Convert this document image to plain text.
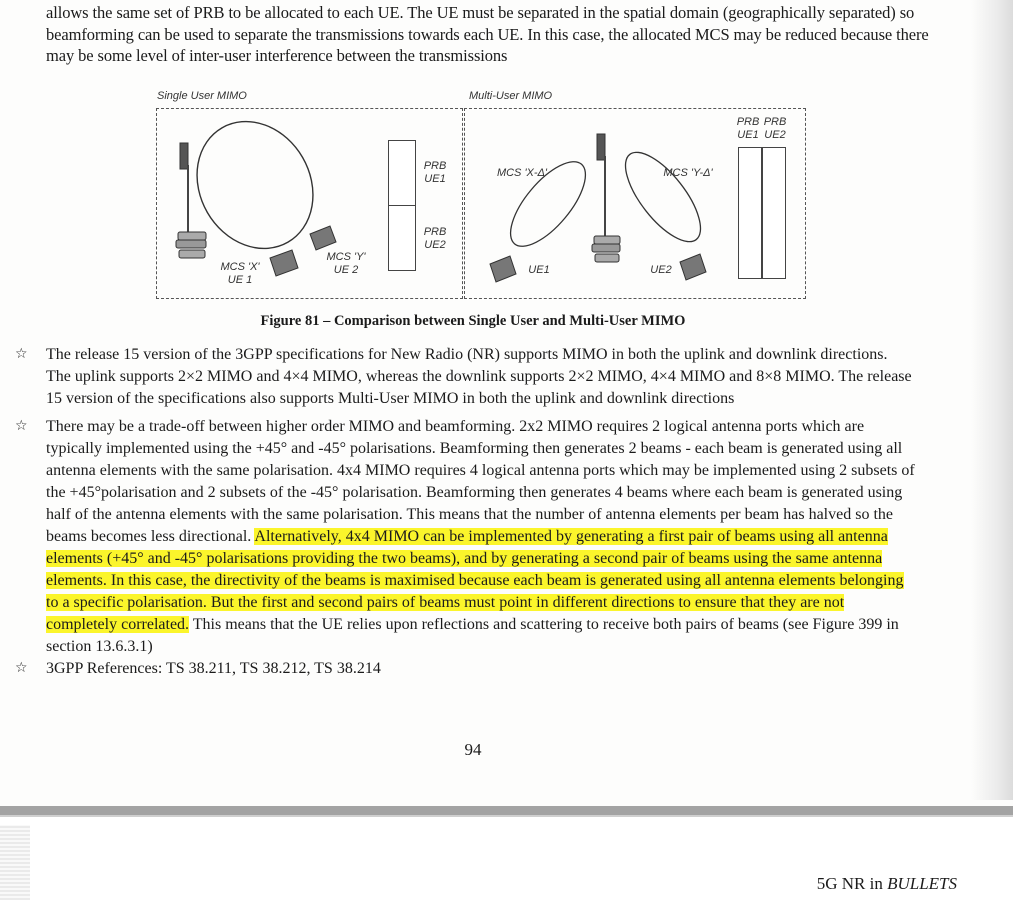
allows the same set of PRB to be allocated to each UE. The UE must be separated in the spatial domain (geographically separated) so
beamforming can be used to separate the transmissions towards each UE. In this case, the allocated MCS may be reduced because there
may be some level of inter-user interference between the transmissions
Single User MIMO	Multi-User MIMO
PRB
UE1
PRB
UE2
MCS 'X'
UE 1
MCS 'Y'
UE 2
PRB
UE1
PRB
UE2
MCS 'X-Δ'	MCS 'Y-Δ'
UE1	UE2
Figure 81 – Comparison between Single User and Multi-User MIMO
☆ The release 15 version of the 3GPP specifications for New Radio (NR) supports MIMO in both the uplink and downlink directions.
The uplink supports 2×2 MIMO and 4×4 MIMO, whereas the downlink supports 2×2 MIMO, 4×4 MIMO and 8×8 MIMO. The release
15 version of the specifications also supports Multi-User MIMO in both the uplink and downlink directions
☆ There may be a trade-off between higher order MIMO and beamforming. 2x2 MIMO requires 2 logical antenna ports which are
typically implemented using the +45° and -45° polarisations. Beamforming then generates 2 beams - each beam is generated using all
antenna elements with the same polarisation. 4x4 MIMO requires 4 logical antenna ports which may be implemented using 2 subsets of
the +45°polarisation and 2 subsets of the -45° polarisation. Beamforming then generates 4 beams where each beam is generated using
half of the antenna elements with the same polarisation. This means that the number of antenna elements per beam has halved so the
beams becomes less directional. Alternatively, 4x4 MIMO can be implemented by generating a first pair of beams using all antenna
elements (+45° and -45° polarisations providing the two beams), and by generating a second pair of beams using the same antenna
elements. In this case, the directivity of the beams is maximised because each beam is generated using all antenna elements belonging
to a specific polarisation. But the first and second pairs of beams must point in different directions to ensure that they are not
completely correlated. This means that the UE relies upon reflections and scattering to receive both pairs of beams (see Figure 399 in
section 13.6.3.1)
☆ 3GPP References: TS 38.211, TS 38.212, TS 38.214
94
5G NR in BULLETS
